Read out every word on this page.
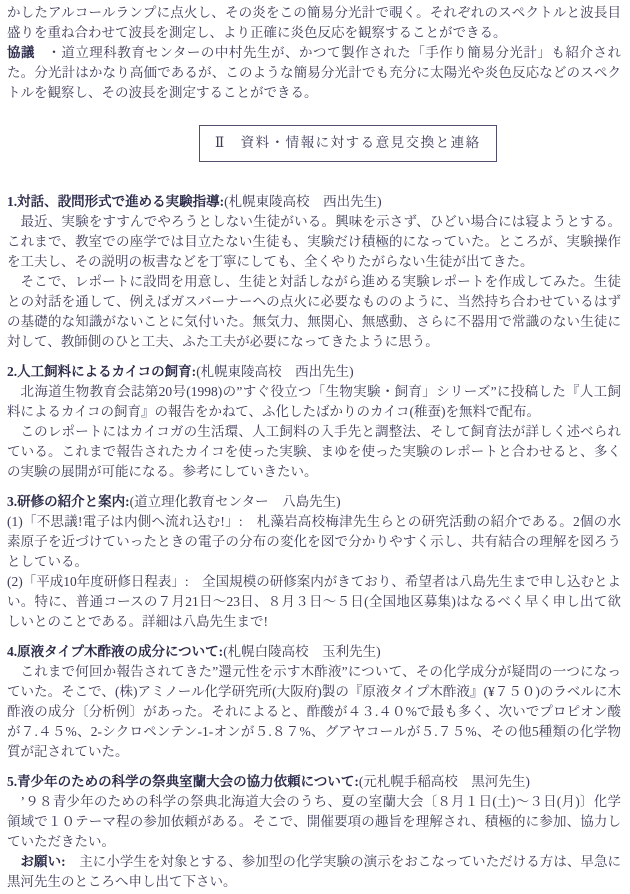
かしたアルコールランプに点火し、その炎をこの簡易分光計で覗く。それぞれのスペクトルと波長目盛りを重ね合わせて波長を測定し、より正確に炎色反応を観察することができる。

協議 ・道立理科教育センターの中村先生が、かつて製作された「手作り簡易分光計」も紹介された。分光計はかなり高価であるが、このような簡易分光計でも充分に太陽光や炎色反応などのスペクトルを観察し、その波長を測定することができる。

Ⅱ　資料・情報に対する意見交換と連絡
1.対話、設問形式で進める実験指導:(札幌東陵高校　西出先生)

最近、実験をすすんでやろうとしない生徒がいる。興味を示さず、ひどい場合には寝ようとする。これまで、教室での座学では目立たない生徒も、実験だけ積極的になっていた。ところが、実験操作を工夫し、その説明の板書などを丁寧にしても、全くやりたがらない生徒が出てきた。

そこで、レポートに設問を用意し、生徒と対話しながら進める実験レポートを作成してみた。生徒との対話を通して、例えばガスバーナーへの点火に必要なもののように、当然持ち合わせているはずの基礎的な知識がないことに気付いた。無気力、無関心、無感動、さらに不器用で常識のない生徒に対して、教師側のひと工夫、ふた工夫が必要になってきたように思う。

2.人工飼料によるカイコの飼育:(札幌東陵高校　西出先生)

北海道生物教育会誌第20号(1998)の”すぐ役立つ「生物実験・飼育」シリーズ”に投稿した『人工飼料によるカイコの飼育』の報告をかねて、ふ化したばかりのカイコ(稚蚕)を無料で配布。

このレポートにはカイコガの生活環、人工飼料の入手先と調整法、そして飼育法が詳しく述べられている。これまで報告されたカイコを使った実験、まゆを使った実験のレポートと合わせると、多くの実験の展開が可能になる。参考にしていきたい。

3.研修の紹介と案内:(道立理化教育センター　八島先生)

(1)「不思議!電子は内側へ流れ込む!」:　札藻岩高校梅津先生らとの研究活動の紹介である。2個の水素原子を近づけていったときの電子の分布の変化を図で分かりやすく示し、共有結合の理解を図ろうとしている。

(2)「平成10年度研修日程表」:　全国規模の研修案内がきており、希望者は八島先生まで申し込むとよい。特に、普通コースの７月21日～23日、８月３日～５日(全国地区募集)はなるべく早く申し出て欲しいとのことである。詳細は八島先生まで!

4.原液タイプ木酢液の成分について:(札幌白陵高校　玉利先生)

これまで何回か報告されてきた”還元性を示す木酢液”について、その化学成分が疑問の一つになっていた。そこで、(株)アミノール化学研究所(大阪府)製の『原液タイプ木酢液』(¥７５０)のラベルに木酢液の成分〔分析例〕があった。それによると、酢酸が４３.４０%で最も多く、次いでプロピオン酸が７.４５%、2-シクロペンテン-1-オンが５.８７%、グアヤコールが５.７５%、その他5種類の化学物質が記されていた。

5.青少年のための科学の祭典室蘭大会の協力依頼について:(元札幌手稲高校　黒河先生)

’９８青少年のための科学の祭典北海道大会のうち、夏の室蘭大会〔８月１日(土)～３日(月)〕化学領域で１０テーマ程の参加依頼がある。そこで、開催要項の趣旨を理解され、積極的に参加、協力していただきたい。

お願い:　主に小学生を対象とする、参加型の化学実験の演示をおこなっていただける方は、早急に黒河先生のところへ申し出て下さい。
